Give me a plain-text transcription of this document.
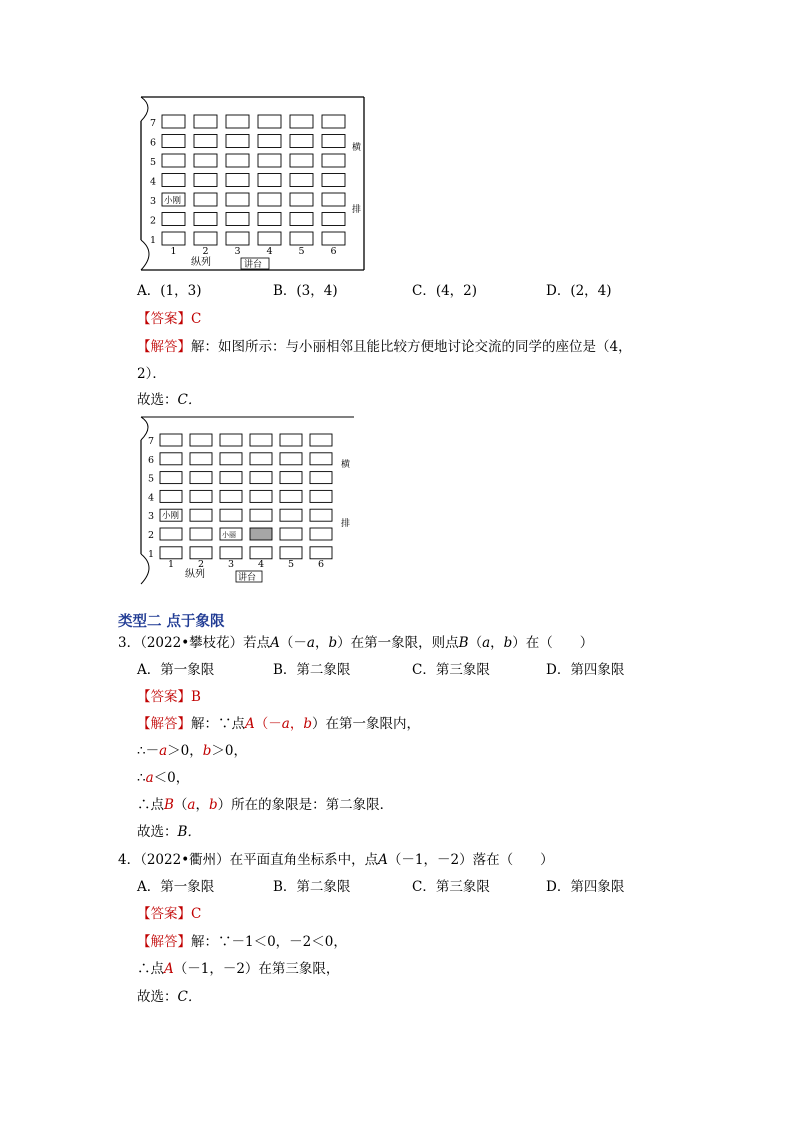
小刚
7
6
5
4
3
2
1
1	2	3	4	5	6
横
排
纵列	讲台
A．(1，3)	B．(3，4)	C．(4，2)	D．(2，4)
【答案】C
【解答】解：如图所示：与小丽相邻且能比较方便地讨论交流的同学的座位是（4，
2）．
故选：C．
小刚
小丽
7
6
5
4
3
2
1
1	2	3	4	5	6
横
排
纵列	讲台
类型二 点于象限
3．（2022•攀枝花）若点A（－a，b）在第一象限，则点B（a，b）在（　　）
A．第一象限	B．第二象限	C．第三象限	D．第四象限
【答案】B
【解答】解：∵点A（－a，b）在第一象限内，
∴－a＞0，b＞0，
∴a＜0，
∴点B（a，b）所在的象限是：第二象限．
故选：B．
4．（2022•衢州）在平面直角坐标系中，点A（－1，－2）落在（　　）
A．第一象限	B．第二象限	C．第三象限	D．第四象限
【答案】C
【解答】解：∵－1＜0，－2＜0，
∴点A（－1，－2）在第三象限，
故选：C．
